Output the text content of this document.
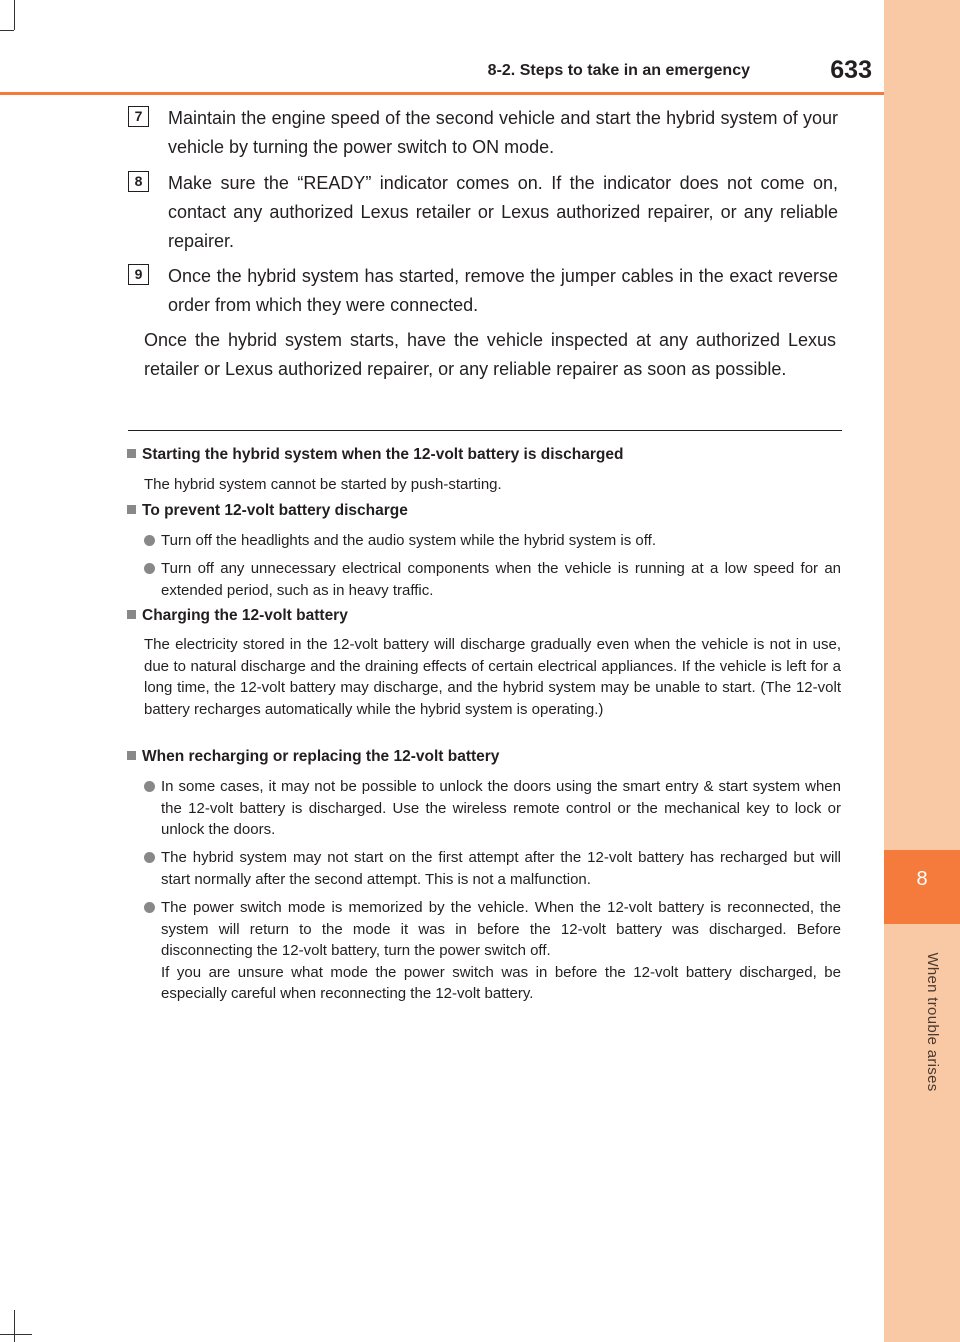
8
When trouble arises
8-2. Steps to take in an emergency	633
7	Maintain the engine speed of the second vehicle and start the hybrid system of your vehicle by turning the power switch to ON mode.
8	Make sure the “READY” indicator comes on. If the indicator does not come on, contact any authorized Lexus retailer or Lexus authorized repairer, or any reliable repairer.
9	Once the hybrid system has started, remove the jumper cables in the exact reverse order from which they were connected.
Once the hybrid system starts, have the vehicle inspected at any authorized Lexus retailer or Lexus authorized repairer, or any reliable repairer as soon as possible.
Starting the hybrid system when the 12-volt battery is discharged
The hybrid system cannot be started by push-starting.
To prevent 12-volt battery discharge
Turn off the headlights and the audio system while the hybrid system is off.
Turn off any unnecessary electrical components when the vehicle is running at a low speed for an extended period, such as in heavy traffic.
Charging the 12-volt battery
The electricity stored in the 12-volt battery will discharge gradually even when the vehicle is not in use, due to natural discharge and the draining effects of certain electrical appliances. If the vehicle is left for a long time, the 12-volt battery may discharge, and the hybrid system may be unable to start. (The 12-volt battery recharges automatically while the hybrid system is operating.)
When recharging or replacing the 12-volt battery
In some cases, it may not be possible to unlock the doors using the smart entry & start system when the 12-volt battery is discharged. Use the wireless remote control or the mechanical key to lock or unlock the doors.
The hybrid system may not start on the first attempt after the 12-volt battery has recharged but will start normally after the second attempt. This is not a malfunction.
The power switch mode is memorized by the vehicle. When the 12-volt battery is reconnected, the system will return to the mode it was in before the 12-volt battery was discharged. Before disconnecting the 12-volt battery, turn the power switch off.
If you are unsure what mode the power switch was in before the 12-volt battery discharged, be especially careful when reconnecting the 12-volt battery.
